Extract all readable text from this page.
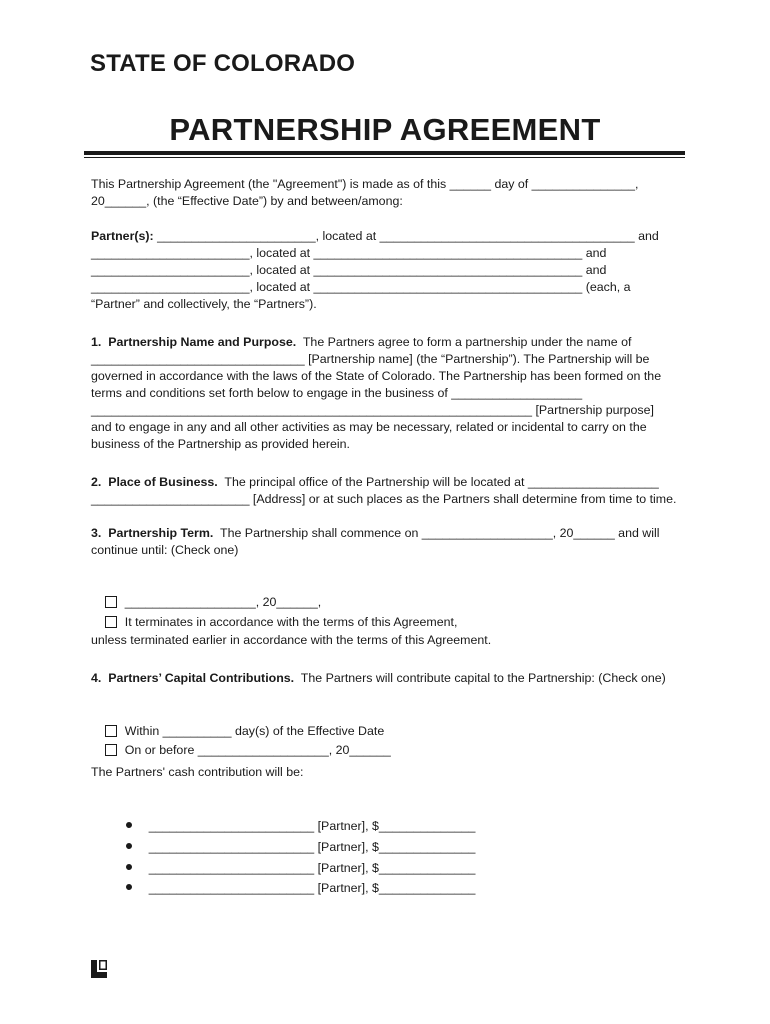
STATE OF COLORADO
PARTNERSHIP AGREEMENT
This Partnership Agreement (the "Agreement") is made as of this ______ day of _______________,
20______, (the “Effective Date”) by and between/among:
Partner(s): _______________________, located at _____________________________________ and
_______________________, located at _______________________________________ and
_______________________, located at _______________________________________ and
_______________________, located at _______________________________________ (each, a
“Partner” and collectively, the “Partners”).
1.  Partnership Name and Purpose.  The Partners agree to form a partnership under the name of
_______________________________ [Partnership name] (the “Partnership”). The Partnership will be
governed in accordance with the laws of the State of Colorado. The Partnership has been formed on the
terms and conditions set forth below to engage in the business of ___________________
________________________________________________________________ [Partnership purpose]
and to engage in any and all other activities as may be necessary, related or incidental to carry on the
business of the Partnership as provided herein.
2.  Place of Business.  The principal office of the Partnership will be located at ___________________
_______________________ [Address] or at such places as the Partners shall determine from time to time.
3.  Partnership Term.  The Partnership shall commence on ___________________, 20______ and will
continue until: (Check one)

___________________, 20______,

It terminates in accordance with the terms of this Agreement,

unless terminated earlier in accordance with the terms of this Agreement.
4.  Partners’ Capital Contributions.  The Partners will contribute capital to the Partnership: (Check one)

Within __________ day(s) of the Effective Date

On or before ___________________, 20______

The Partners' cash contribution will be:

________________________ [Partner], $______________

________________________ [Partner], $______________

________________________ [Partner], $______________

________________________ [Partner], $______________
